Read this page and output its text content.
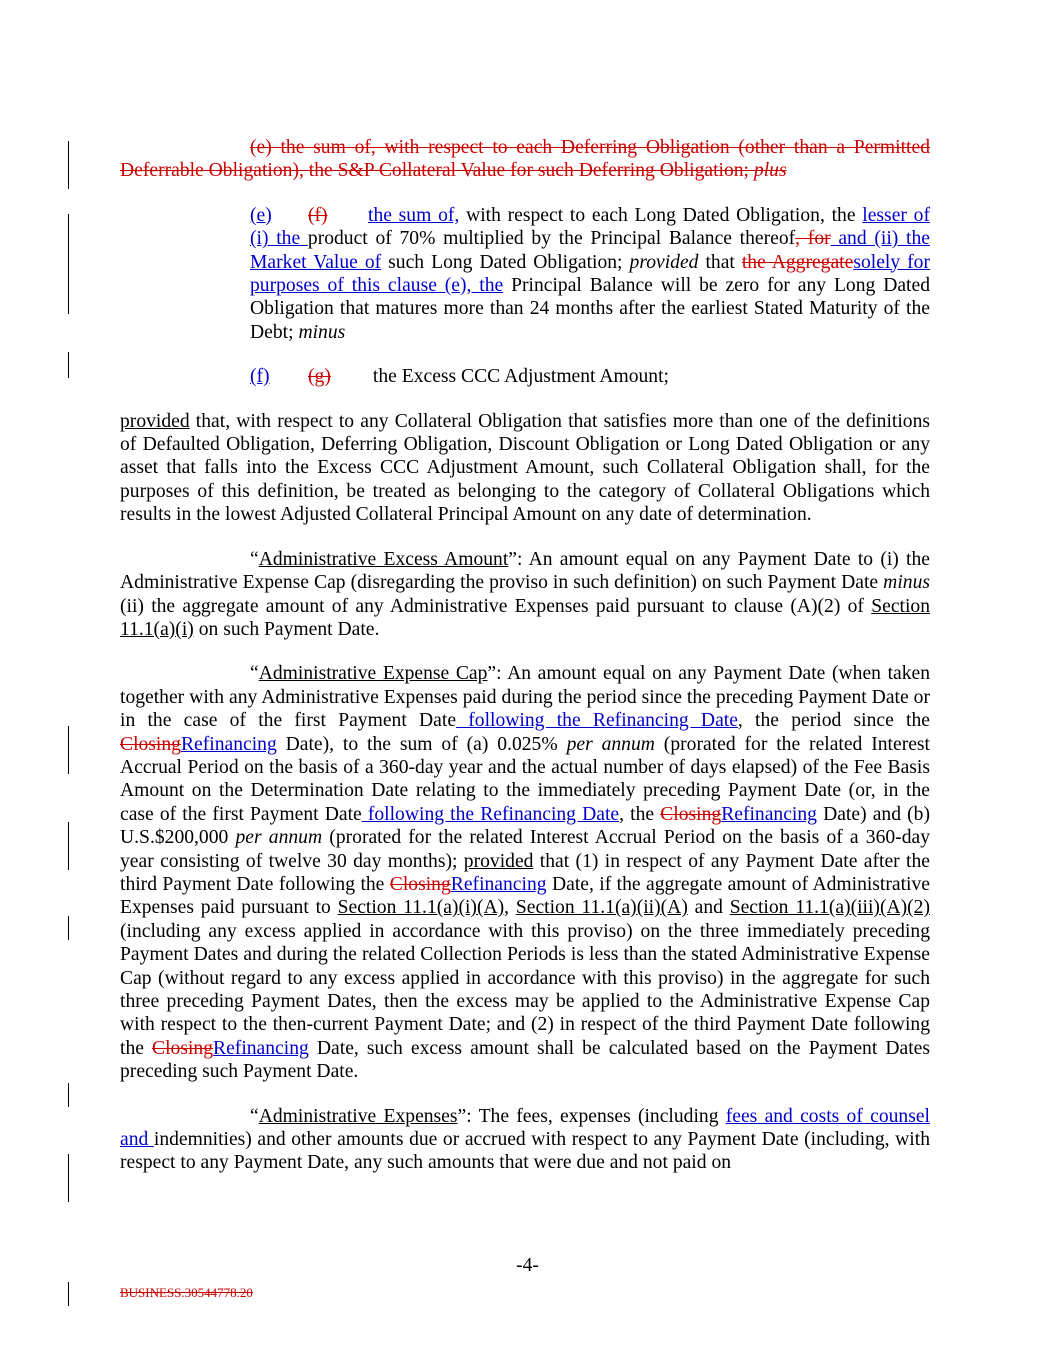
(e) the sum of, with respect to each Deferring Obligation (other than a Permitted Deferrable Obligation), the S&P Collateral Value for such Deferring Obligation; plus

(e)	(f)	the sum of, with respect to each Long Dated Obligation, the lesser of (i) the product of 70% multiplied by the Principal Balance thereof, for and (ii) the Market Value of such Long Dated Obligation; provided that the Aggregatesolely for purposes of this clause (e), the Principal Balance will be zero for any Long Dated Obligation that matures more than 24 months after the earliest Stated Maturity of the Debt; minus

(f)	(g)	the Excess CCC Adjustment Amount;

provided that, with respect to any Collateral Obligation that satisfies more than one of the definitions of Defaulted Obligation, Deferring Obligation, Discount Obligation or Long Dated Obligation or any asset that falls into the Excess CCC Adjustment Amount, such Collateral Obligation shall, for the purposes of this definition, be treated as belonging to the category of Collateral Obligations which results in the lowest Adjusted Collateral Principal Amount on any date of determination.

“Administrative Excess Amount”: An amount equal on any Payment Date to (i) the Administrative Expense Cap (disregarding the proviso in such definition) on such Payment Date minus (ii) the aggregate amount of any Administrative Expenses paid pursuant to clause (A)(2) of Section 11.1(a)(i) on such Payment Date.

“Administrative Expense Cap”: An amount equal on any Payment Date (when taken together with any Administrative Expenses paid during the period since the preceding Payment Date or in the case of the first Payment Date following the Refinancing Date, the period since the ClosingRefinancing Date), to the sum of (a) 0.025% per annum (prorated for the related Interest Accrual Period on the basis of a 360-day year and the actual number of days elapsed) of the Fee Basis Amount on the Determination Date relating to the immediately preceding Payment Date (or, in the case of the first Payment Date following the Refinancing Date, the ClosingRefinancing Date) and (b) U.S.$200,000 per annum (prorated for the related Interest Accrual Period on the basis of a 360-day year consisting of twelve 30 day months); provided that (1) in respect of any Payment Date after the third Payment Date following the ClosingRefinancing Date, if the aggregate amount of Administrative Expenses paid pursuant to Section 11.1(a)(i)(A), Section 11.1(a)(ii)(A) and Section 11.1(a)(iii)(A)(2) (including any excess applied in accordance with this proviso) on the three immediately preceding Payment Dates and during the related Collection Periods is less than the stated Administrative Expense Cap (without regard to any excess applied in accordance with this proviso) in the aggregate for such three preceding Payment Dates, then the excess may be applied to the Administrative Expense Cap with respect to the then-current Payment Date; and (2) in respect of the third Payment Date following the ClosingRefinancing Date, such excess amount shall be calculated based on the Payment Dates preceding such Payment Date.

“Administrative Expenses”: The fees, expenses (including fees and costs of counsel and indemnities) and other amounts due or accrued with respect to any Payment Date (including, with respect to any Payment Date, any such amounts that were due and not paid on

-4-
BUSINESS.30544778.20
